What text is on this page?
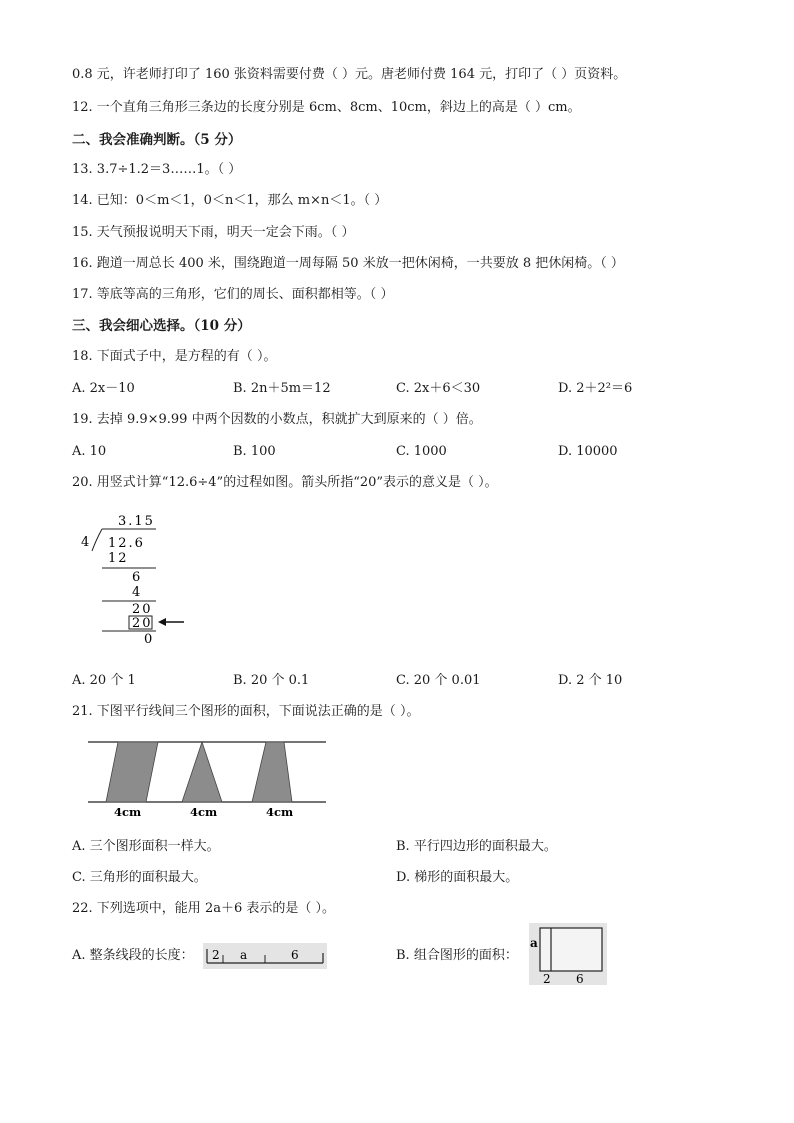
0.8 元，许老师打印了 160 张资料需要付费（ ）元。唐老师付费 164 元，打印了（ ）页资料。
12. 一个直角三角形三条边的长度分别是 6cm、8cm、10cm，斜边上的高是（ ）cm。
二、我会准确判断。（5 分）
13. 3.7÷1.2＝3……1。（ ）
14. 已知：0＜m＜1，0＜n＜1，那么 m×n＜1。（ ）
15. 天气预报说明天下雨，明天一定会下雨。（ ）
16. 跑道一周总长 400 米，围绕跑道一周每隔 50 米放一把休闲椅，一共要放 8 把休闲椅。（ ）
17. 等底等高的三角形，它们的周长、面积都相等。（ ）
三、我会细心选择。（10 分）
18. 下面式子中，是方程的有（ ）。
A. 2x－10	B. 2n＋5m＝12	C. 2x＋6＜30	D. 2＋2²＝6
19. 去掉 9.9×9.99 中两个因数的小数点，积就扩大到原来的（ ）倍。
A. 10	B. 100	C. 1000	D. 10000
20. 用竖式计算“12.6÷4”的过程如图。箭头所指“20”表示的意义是（ ）。
3.15
4 12.6
12
6
4
20
20
0
A. 20 个 1	B. 20 个 0.1	C. 20 个 0.01	D. 2 个 10
21. 下图平行线间三个图形的面积，下面说法正确的是（ ）。
4cm	4cm	4cm
A. 三个图形面积一样大。	B. 平行四边形的面积最大。
C. 三角形的面积最大。	D. 梯形的面积最大。
22. 下列选项中，能用 2a＋6 表示的是（ ）。
A. 整条线段的长度： 2 a	6	B. 组合图形的面积：
a
2 6
